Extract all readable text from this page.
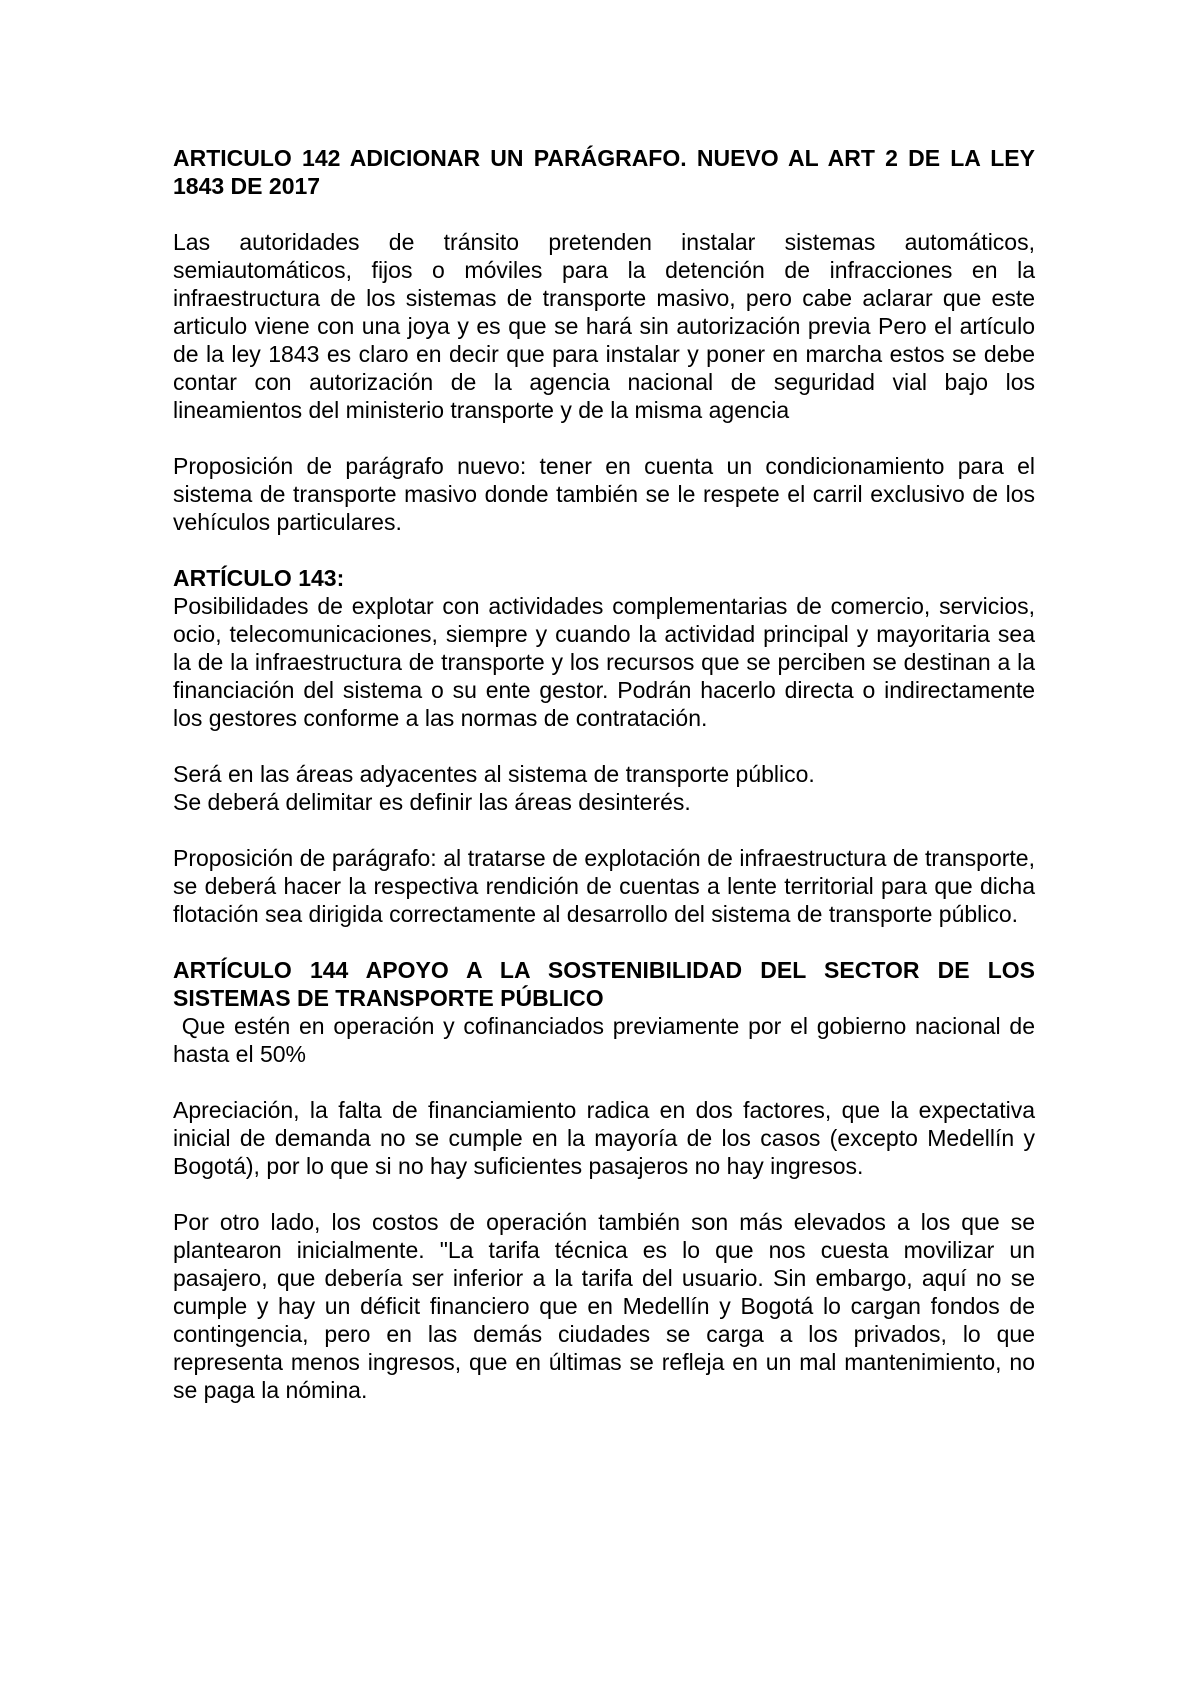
ARTICULO 142 ADICIONAR UN PARÁGRAFO. NUEVO AL ART 2 DE LA LEY 1843 DE 2017

Las autoridades de tránsito pretenden instalar sistemas automáticos, semiautomáticos, fijos o móviles para la detención de infracciones en la infraestructura de los sistemas de transporte masivo, pero cabe aclarar que este articulo viene con una joya y es que se hará sin autorización previa Pero el artículo de la ley 1843 es claro en decir que para instalar y poner en marcha estos se debe contar con autorización de la agencia nacional de seguridad vial bajo los lineamientos del ministerio transporte y de la misma agencia

Proposición de parágrafo nuevo: tener en cuenta un condicionamiento para el sistema de transporte masivo donde también se le respete el carril exclusivo de los vehículos particulares.

ARTÍCULO 143:

Posibilidades de explotar con actividades complementarias de comercio, servicios, ocio, telecomunicaciones, siempre y cuando la actividad principal y mayoritaria sea la de la infraestructura de transporte y los recursos que se perciben se destinan a la financiación del sistema o su ente gestor. Podrán hacerlo directa o indirectamente los gestores conforme a las normas de contratación.

Será en las áreas adyacentes al sistema de transporte público.

Se deberá delimitar es definir las áreas desinterés.

Proposición de parágrafo: al tratarse de explotación de infraestructura de transporte, se deberá hacer la respectiva rendición de cuentas a lente territorial para que dicha flotación sea dirigida correctamente al desarrollo del sistema de transporte público.

ARTÍCULO 144 APOYO A LA SOSTENIBILIDAD DEL SECTOR DE LOS SISTEMAS DE TRANSPORTE PÚBLICO

Que estén en operación y cofinanciados previamente por el gobierno nacional de hasta el 50%

Apreciación, la falta de financiamiento radica en dos factores, que la expectativa inicial de demanda no se cumple en la mayoría de los casos (excepto Medellín y Bogotá), por lo que si no hay suficientes pasajeros no hay ingresos.

Por otro lado, los costos de operación también son más elevados a los que se plantearon inicialmente. "La tarifa técnica es lo que nos cuesta movilizar un pasajero, que debería ser inferior a la tarifa del usuario. Sin embargo, aquí no se cumple y hay un déficit financiero que en Medellín y Bogotá lo cargan fondos de contingencia, pero en las demás ciudades se carga a los privados, lo que representa menos ingresos, que en últimas se refleja en un mal mantenimiento, no se paga la nómina.
